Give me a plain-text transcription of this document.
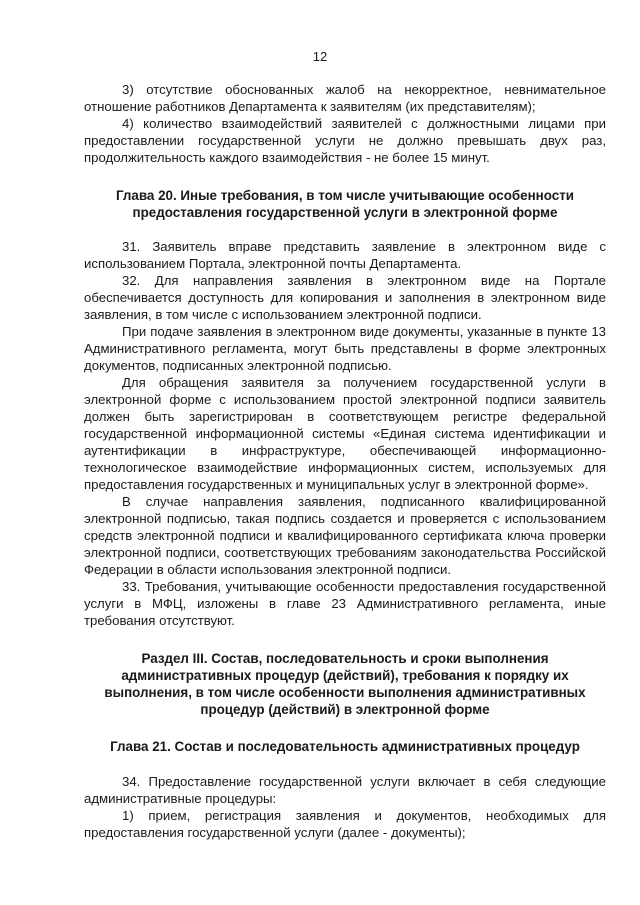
12

3) отсутствие обоснованных жалоб на некорректное, невнимательное отношение работников Департамента к заявителям (их представителям);

4) количество взаимодействий заявителей с должностными лицами при предоставлении государственной услуги не должно превышать двух раз, продолжительность каждого взаимодействия - не более 15 минут.

Глава 20. Иные требования, в том числе учитывающие особенности предоставления государственной услуги в электронной форме

31. Заявитель вправе представить заявление в электронном виде с использованием Портала, электронной почты Департамента.

32. Для направления заявления в электронном виде на Портале обеспечивается доступность для копирования и заполнения в электронном виде заявления, в том числе с использованием электронной подписи.

При подаче заявления в электронном виде документы, указанные в пункте 13 Административного регламента, могут быть представлены в форме электронных документов, подписанных электронной подписью.

Для обращения заявителя за получением государственной услуги в электронной форме с использованием простой электронной подписи заявитель должен быть зарегистрирован в соответствующем регистре федеральной государственной информационной системы «Единая система идентификации и аутентификации в инфраструктуре, обеспечивающей информационно-технологическое взаимодействие информационных систем, используемых для предоставления государственных и муниципальных услуг в электронной форме».

В случае направления заявления, подписанного квалифицированной электронной подписью, такая подпись создается и проверяется с использованием средств электронной подписи и квалифицированного сертификата ключа проверки электронной подписи, соответствующих требованиям законодательства Российской Федерации в области использования электронной подписи.

33. Требования, учитывающие особенности предоставления государственной услуги в МФЦ, изложены в главе 23 Административного регламента, иные требования отсутствуют.

Раздел III. Состав, последовательность и сроки выполнения административных процедур (действий), требования к порядку их выполнения, в том числе особенности выполнения административных процедур (действий) в электронной форме

Глава 21. Состав и последовательность административных процедур

34. Предоставление государственной услуги включает в себя следующие административные процедуры:

1) прием, регистрация заявления и документов, необходимых для предоставления государственной услуги (далее - документы);
